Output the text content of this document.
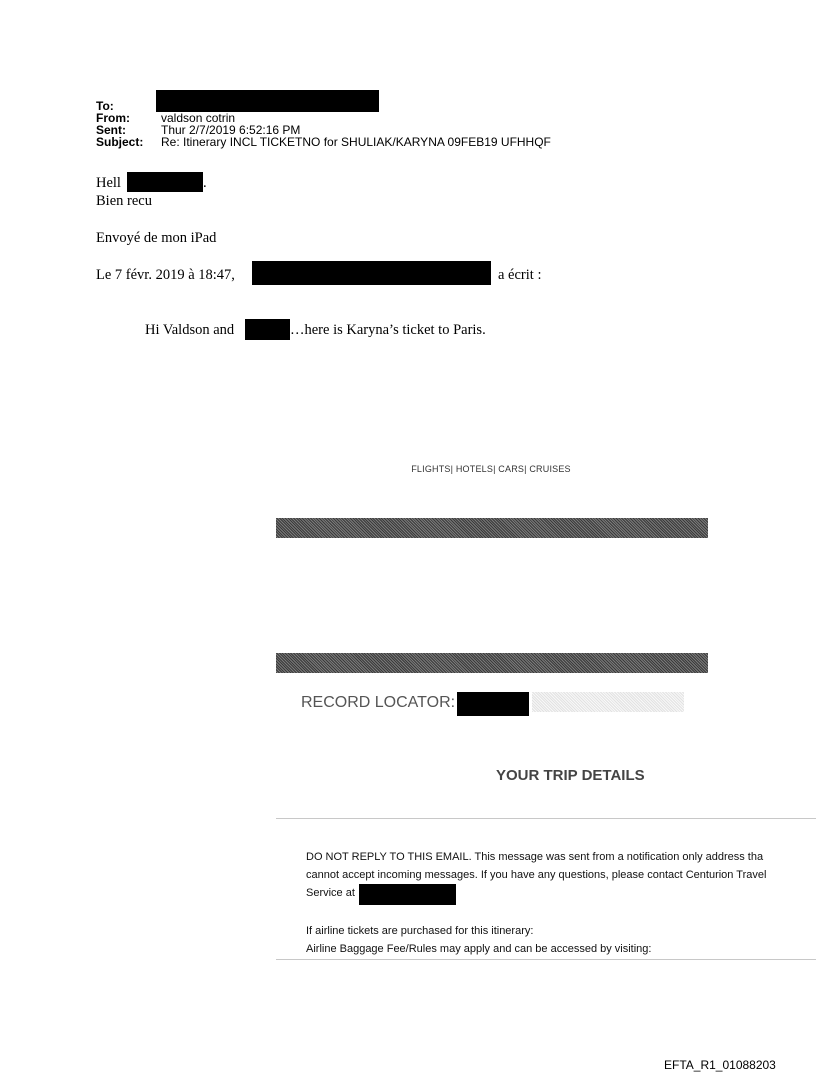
To:
From:	valdson cotrin
Sent:	Thur 2/7/2019 6:52:16 PM
Subject: Re: Itinerary INCL TICKETNO for SHULIAK/KARYNA 09FEB19 UFHHQF
Hell	.
Bien recu
Envoyé de mon iPad
Le 7 févr. 2019 à 18:47,	a écrit :
Hi Valdson and	…here is Karyna’s ticket to Paris.
FLIGHTS| HOTELS| CARS| CRUISES
RECORD LOCATOR:
YOUR TRIP DETAILS
DO NOT REPLY TO THIS EMAIL. This message was sent from a notification only address tha
cannot accept incoming messages. If you have any questions, please contact Centurion Travel
Service at
If airline tickets are purchased for this itinerary:
Airline Baggage Fee/Rules may apply and can be accessed by visiting:
EFTA_R1_01088203
